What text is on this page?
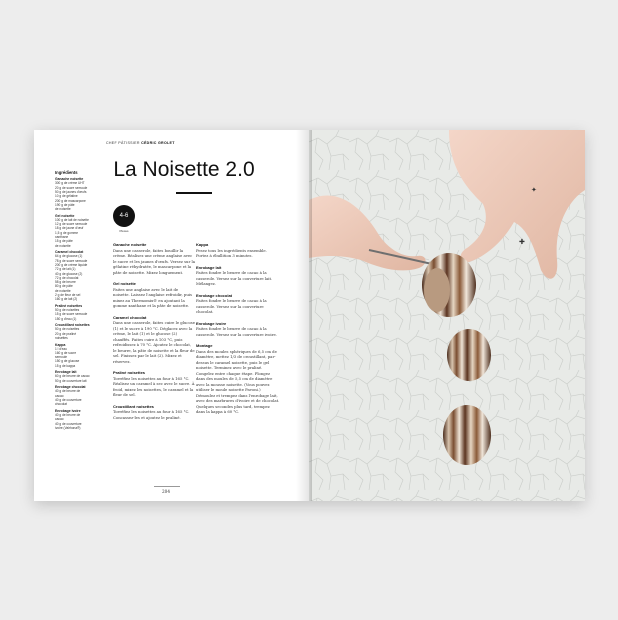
CHEF PÂTISSIER CÉDRIC GROLET
La Noisette 2.0
4-6
Pièces
Ingrédients
Ganache noisette
300 g de crème UHT
20 g de sucre semoule
50 g de jaunes d'œufs
10 g de gélatine
200 g de mascarpone
190 g de pâte
de noisette
Gel noisette
100 g de lait de noisette
12 g de sucre semoule
18 g de jaune d'œuf
1,5 g de gomme
xanthane
15 g de pâte
de noisette
Caramel chocolat
64 g de glucose (1)
78 g de sucre semoule
200 g de crème liquide
72 g de lait (1)
40 g de glucose (2)
72 g de chocolat
58 g de beurre
80 g de pâte
de noisette
2 g de fleur de sel
160 g de lait (2)
Praliné noisettes
50 g de noisettes
15 g de sucre semoule
150 g d'eau (1)
Croustillant noisettes
50 g de noisettes
20 g de praliné
noisettes
Kappa
1 l d'eau
160 g de sucre
semoule
150 g de glucose
15 g de kappa
Enrobage lait
60 g de beurre de cacao
50 g de couverture lait
Enrobage chocolat
40 g de beurre de
cacao
40 g de couverture
chocolat
Enrobage ivoire
40 g de beurre de
cacao
40 g de couverture
ivoire (Valrhona®)
Ganache noisette

Dans une casserole, faites bouillir la crème. Réalisez une crème anglaise avec le sucre et les jaunes d'œufs. Versez sur la gélatine réhydratée, le mascarpone et la pâte de noisette. Mixez longuement.

Gel noisette

Faites une anglaise avec le lait de noisette. Laissez l'anglaise refroidir, puis mixez au Thermomix® en ajoutant la gomme xanthane et la pâte de noisette.

Caramel chocolat

Dans une casserole, faites cuire le glucose (1) et le sucre à 190 °C. Déglacez avec la crème, le lait (1) et le glucose (2) chauffés. Faites cuire à 103 °C, puis refroidissez à 70 °C. Ajoutez le chocolat, le beurre, la pâte de noisette et la fleur de sel. Finissez par le lait (2). Mixez et réservez.

Praliné noisettes

Torréfiez les noisettes au four à 165 °C. Réalisez un caramel à sec avec le sucre. À froid, mixez les noisettes, le caramel et la fleur de sel.

Croustillant noisettes

Torréfiez les noisettes au four à 165 °C. Concassez-les et ajoutez le praliné.

Kappa

Pesez tous les ingrédients ensemble. Portez à ébullition 3 minutes.

Enrobage lait

Faites fondre le beurre de cacao à la casserole. Versez sur la couverture lait. Mélangez.

Enrobage chocolat

Faites fondre le beurre de cacao à la casserole. Versez sur la couverture chocolat.

Enrobage ivoire

Faites fondre le beurre de cacao à la casserole. Versez sur la couverture ivoire.

Montage

Dans des moules sphériques de 6,5 cm de diamètre, mettez 1/3 de croustillant, par-dessus le caramel noisette, puis le gel noisette. Terminez avec le praliné. Congelez entre chaque étape. Plongez dans des moules de 5,5 cm de diamètre avec la mousse noisette. (Vous pouvez utiliser le moule noisette Pavoni.) Démoulez et trempez dans l'enrobage lait, avec des marbrures d'ivoire et de chocolat. Quelques secondes plus tard, trempez dans la kappa à 60 °C.

204
✦
✚
